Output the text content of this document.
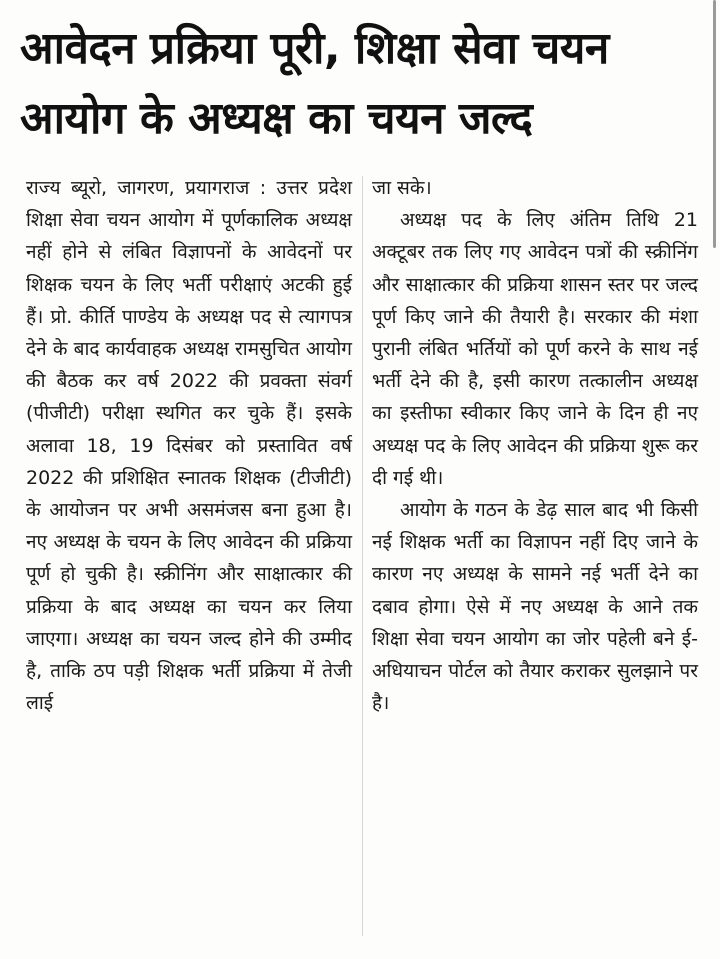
आवेदन प्रक्रिया पूरी, शिक्षा सेवा चयन
आयोग के अध्यक्ष का चयन जल्द

राज्य ब्यूरो, जागरण, प्रयागराज : उत्तर प्रदेश शिक्षा सेवा चयन आयोग में पूर्णकालिक अध्यक्ष नहीं होने से लंबित विज्ञापनों के आवेदनों पर शिक्षक चयन के लिए भर्ती परीक्षाएं अटकी हुई हैं। प्रो. कीर्ति पाण्डेय के अध्यक्ष पद से त्यागपत्र देने के बाद कार्यवाहक अध्यक्ष रामसुचित आयोग की बैठक कर वर्ष 2022 की प्रवक्ता संवर्ग (पीजीटी) परीक्षा स्थगित कर चुके हैं। इसके अलावा 18, 19 दिसंबर को प्रस्तावित वर्ष 2022 की प्रशिक्षित स्नातक शिक्षक (टीजीटी) के आयोजन पर अभी असमंजस बना हुआ है। नए अध्यक्ष के चयन के लिए आवेदन की प्रक्रिया पूर्ण हो चुकी है। स्क्रीनिंग और साक्षात्कार की प्रक्रिया के बाद अध्यक्ष का चयन कर लिया जाएगा। अध्यक्ष का चयन जल्द होने की उम्मीद है, ताकि ठप पड़ी शिक्षक भर्ती प्रक्रिया में तेजी लाई

जा सके।

अध्यक्ष पद के लिए अंतिम तिथि 21 अक्टूबर तक लिए गए आवेदन पत्रों की स्क्रीनिंग और साक्षात्कार की प्रक्रिया शासन स्तर पर जल्द पूर्ण किए जाने की तैयारी है। सरकार की मंशा पुरानी लंबित भर्तियों को पूर्ण करने के साथ नई भर्ती देने की है, इसी कारण तत्कालीन अध्यक्ष का इस्तीफा स्वीकार किए जाने के दिन ही नए अध्यक्ष पद के लिए आवेदन की प्रक्रिया शुरू कर दी गई थी।

आयोग के गठन के डेढ़ साल बाद भी किसी नई शिक्षक भर्ती का विज्ञापन नहीं दिए जाने के कारण नए अध्यक्ष के सामने नई भर्ती देने का दबाव होगा। ऐसे में नए अध्यक्ष के आने तक शिक्षा सेवा चयन आयोग का जोर पहेली बने ई-अधियाचन पोर्टल को तैयार कराकर सुलझाने पर है।
